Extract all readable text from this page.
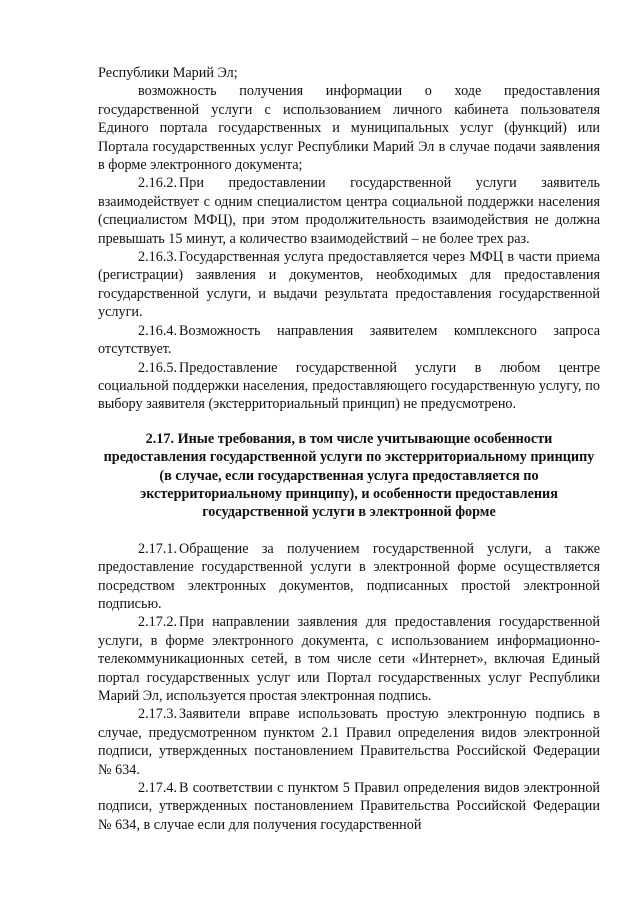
Республики Марий Эл;

возможность получения информации о ходе предоставления государственной услуги с использованием личного кабинета пользователя Единого портала государственных и муниципальных услуг (функций) или Портала государственных услуг Республики Марий Эл в случае подачи заявления в форме электронного документа;

2.16.2. При предоставлении государственной услуги заявитель взаимодействует с одним специалистом центра социальной поддержки населения (специалистом МФЦ), при этом продолжительность взаимодействия не должна превышать 15 минут, а количество взаимодействий – не более трех раз.

2.16.3. Государственная услуга предоставляется через МФЦ в части приема (регистрации) заявления и документов, необходимых для предоставления государственной услуги, и выдачи результата предоставления государственной услуги.

2.16.4. Возможность направления заявителем комплексного запроса отсутствует.

2.16.5. Предоставление государственной услуги в любом центре социальной поддержки населения, предоставляющего государственную услугу, по выбору заявителя (экстерриториальный принцип) не предусмотрено.

2.17. Иные требования, в том числе учитывающие особенности предоставления государственной услуги по экстерриториальному принципу (в случае, если государственная услуга предоставляется по экстерриториальному принципу), и особенности предоставления государственной услуги в электронной форме

2.17.1. Обращение за получением государственной услуги, а также предоставление государственной услуги в электронной форме осуществляется посредством электронных документов, подписанных простой электронной подписью.

2.17.2. При направлении заявления для предоставления государственной услуги, в форме электронного документа, с использованием информационно-телекоммуникационных сетей, в том числе сети «Интернет», включая Единый портал государственных услуг или Портал государственных услуг Республики Марий Эл, используется простая электронная подпись.

2.17.3. Заявители вправе использовать простую электронную подпись в случае, предусмотренном пунктом 2.1 Правил определения видов электронной подписи, утвержденных постановлением Правительства Российской Федерации № 634.

2.17.4. В соответствии с пунктом 5 Правил определения видов электронной подписи, утвержденных постановлением Правительства Российской Федерации № 634, в случае если для получения государственной
